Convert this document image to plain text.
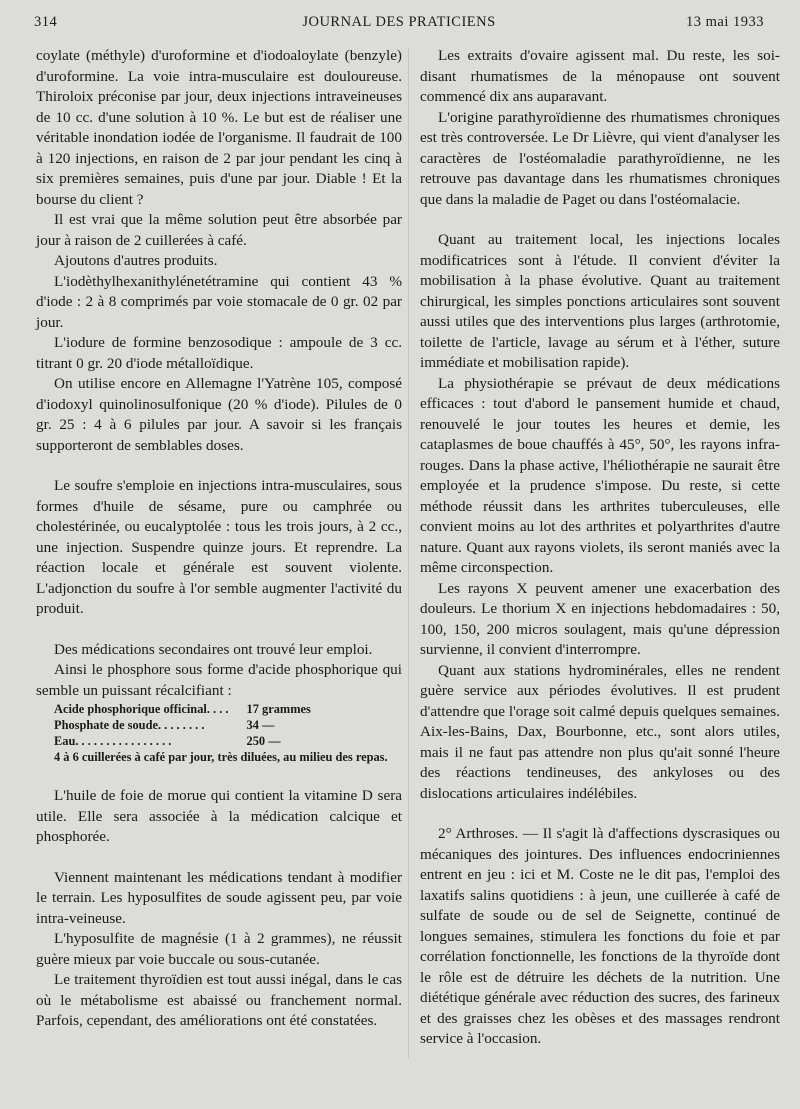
314	JOURNAL DES PRATICIENS	13 mai 1933

coylate (méthyle) d'uroformine et d'iodoaloylate (benzyle) d'uroformine. La voie intra-musculaire est douloureuse. Thiroloix préconise par jour, deux injections intraveineuses de 10 cc. d'une solution à 10 %. Le but est de réaliser une véritable inondation iodée de l'organisme. Il faudrait de 100 à 120 injections, en raison de 2 par jour pendant les cinq à six premières semaines, puis d'une par jour. Diable ! Et la bourse du client ?

Il est vrai que la même solution peut être absorbée par jour à raison de 2 cuillerées à café.

Ajoutons d'autres produits.

L'iodèthylhexanithylénetétramine qui contient 43 % d'iode : 2 à 8 comprimés par voie stomacale de 0 gr. 02 par jour.

L'iodure de formine benzosodique : ampoule de 3 cc. titrant 0 gr. 20 d'iode métalloïdique.

On utilise encore en Allemagne l'Yatrène 105, composé d'iodoxyl quinolinosulfonique (20 % d'iode). Pilules de 0 gr. 25 : 4 à 6 pilules par jour. A savoir si les français supporteront de semblables doses.

Le soufre s'emploie en injections intra-musculaires, sous formes d'huile de sésame, pure ou camphrée ou cholestérinée, ou eucalyptolée : tous les trois jours, à 2 cc., une injection. Suspendre quinze jours. Et reprendre. La réaction locale et générale est souvent violente. L'adjonction du soufre à l'or semble augmenter l'activité du produit.

Des médications secondaires ont trouvé leur emploi.

Ainsi le phosphore sous forme d'acide phosphorique qui semble un puissant récalcifiant :

Acide phosphorique officinal. . . .	17 grammes
Phosphate de soude. . . . . . . .	34 —
Eau. . . . . . . . . . . . . . . .	250 —

4 à 6 cuillerées à café par jour, très diluées, au milieu des repas.

L'huile de foie de morue qui contient la vitamine D sera utile. Elle sera associée à la médication calcique et phosphorée.

Viennent maintenant les médications tendant à modifier le terrain. Les hyposulfites de soude agissent peu, par voie intra-veineuse.

L'hyposulfite de magnésie (1 à 2 grammes), ne réussit guère mieux par voie buccale ou sous-cutanée.

Le traitement thyroïdien est tout aussi inégal, dans le cas où le métabolisme est abaissé ou franchement normal. Parfois, cependant, des améliorations ont été constatées.

Les extraits d'ovaire agissent mal. Du reste, les soi-disant rhumatismes de la ménopause ont souvent commencé dix ans auparavant.

L'origine parathyroïdienne des rhumatismes chroniques est très controversée. Le Dr Lièvre, qui vient d'analyser les caractères de l'ostéomaladie parathyroïdienne, ne les retrouve pas davantage dans les rhumatismes chroniques que dans la maladie de Paget ou dans l'ostéomalacie.

Quant au traitement local, les injections locales modificatrices sont à l'étude. Il convient d'éviter la mobilisation à la phase évolutive. Quant au traitement chirurgical, les simples ponctions articulaires sont souvent aussi utiles que des interventions plus larges (arthrotomie, toilette de l'article, lavage au sérum et à l'éther, suture immédiate et mobilisation rapide).

La physiothérapie se prévaut de deux médications efficaces : tout d'abord le pansement humide et chaud, renouvelé le jour toutes les heures et demie, les cataplasmes de boue chauffés à 45°, 50°, les rayons infra-rouges. Dans la phase active, l'héliothérapie ne saurait être employée et la prudence s'impose. Du reste, si cette méthode réussit dans les arthrites tuberculeuses, elle convient moins au lot des arthrites et polyarthrites d'autre nature. Quant aux rayons violets, ils seront maniés avec la même circonspection.

Les rayons X peuvent amener une exacerbation des douleurs. Le thorium X en injections hebdomadaires : 50, 100, 150, 200 micros soulagent, mais qu'une dépression survienne, il convient d'interrompre.

Quant aux stations hydrominérales, elles ne rendent guère service aux périodes évolutives. Il est prudent d'attendre que l'orage soit calmé depuis quelques semaines. Aix-les-Bains, Dax, Bourbonne, etc., sont alors utiles, mais il ne faut pas attendre non plus qu'ait sonné l'heure des réactions tendineuses, des ankyloses ou des dislocations articulaires indélébiles.

2° Arthroses. — Il s'agit là d'affections dyscrasiques ou mécaniques des jointures. Des influences endocriniennes entrent en jeu : ici et M. Coste ne le dit pas, l'emploi des laxatifs salins quotidiens : à jeun, une cuillerée à café de sulfate de soude ou de sel de Seignette, continué de longues semaines, stimulera les fonctions du foie et par corrélation fonctionnelle, les fonctions de la thyroïde dont le rôle est de détruire les déchets de la nutrition. Une diététique générale avec réduction des sucres, des farineux et des graisses chez les obèses et des massages rendront service à l'occasion.
